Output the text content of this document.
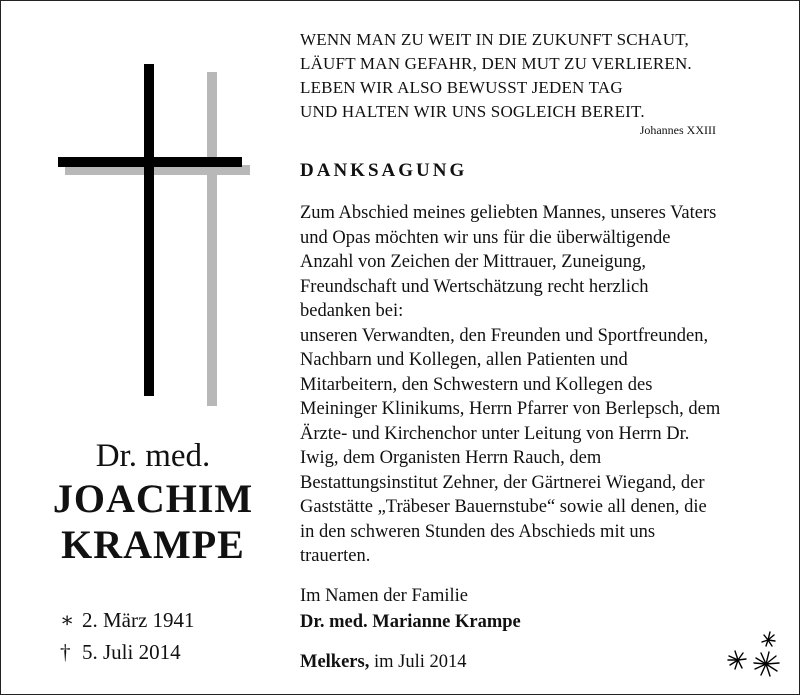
Dr. med.

JOACHIM

KRAMPE

∗ 2. März 1941
† 5. Juli 2014
WENN MAN ZU WEIT IN DIE ZUKUNFT SCHAUT,
LÄUFT MAN GEFAHR, DEN MUT ZU VERLIEREN.
LEBEN WIR ALSO BEWUSST JEDEN TAG
UND HALTEN WIR UNS SOGLEICH BEREIT.
Johannes XXIII
DANKSAGUNG
Zum Abschied meines geliebten Mannes, unseres Vaters
und Opas möchten wir uns für die überwältigende
Anzahl von Zeichen der Mittrauer, Zuneigung,
Freundschaft und Wertschätzung recht herzlich
bedanken bei:
unseren Verwandten, den Freunden und Sportfreunden,
Nachbarn und Kollegen, allen Patienten und
Mitarbeitern, den Schwestern und Kollegen des
Meininger Klinikums, Herrn Pfarrer von Berlepsch, dem
Ärzte- und Kirchenchor unter Leitung von Herrn Dr.
Iwig, dem Organisten Herrn Rauch, dem
Bestattungsinstitut Zehner, der Gärtnerei Wiegand, der
Gaststätte „Träbeser Bauernstube“ sowie all denen, die
in den schweren Stunden des Abschieds mit uns
trauerten.
Im Namen der Familie
Dr. med. Marianne Krampe
Melkers, im Juli 2014
